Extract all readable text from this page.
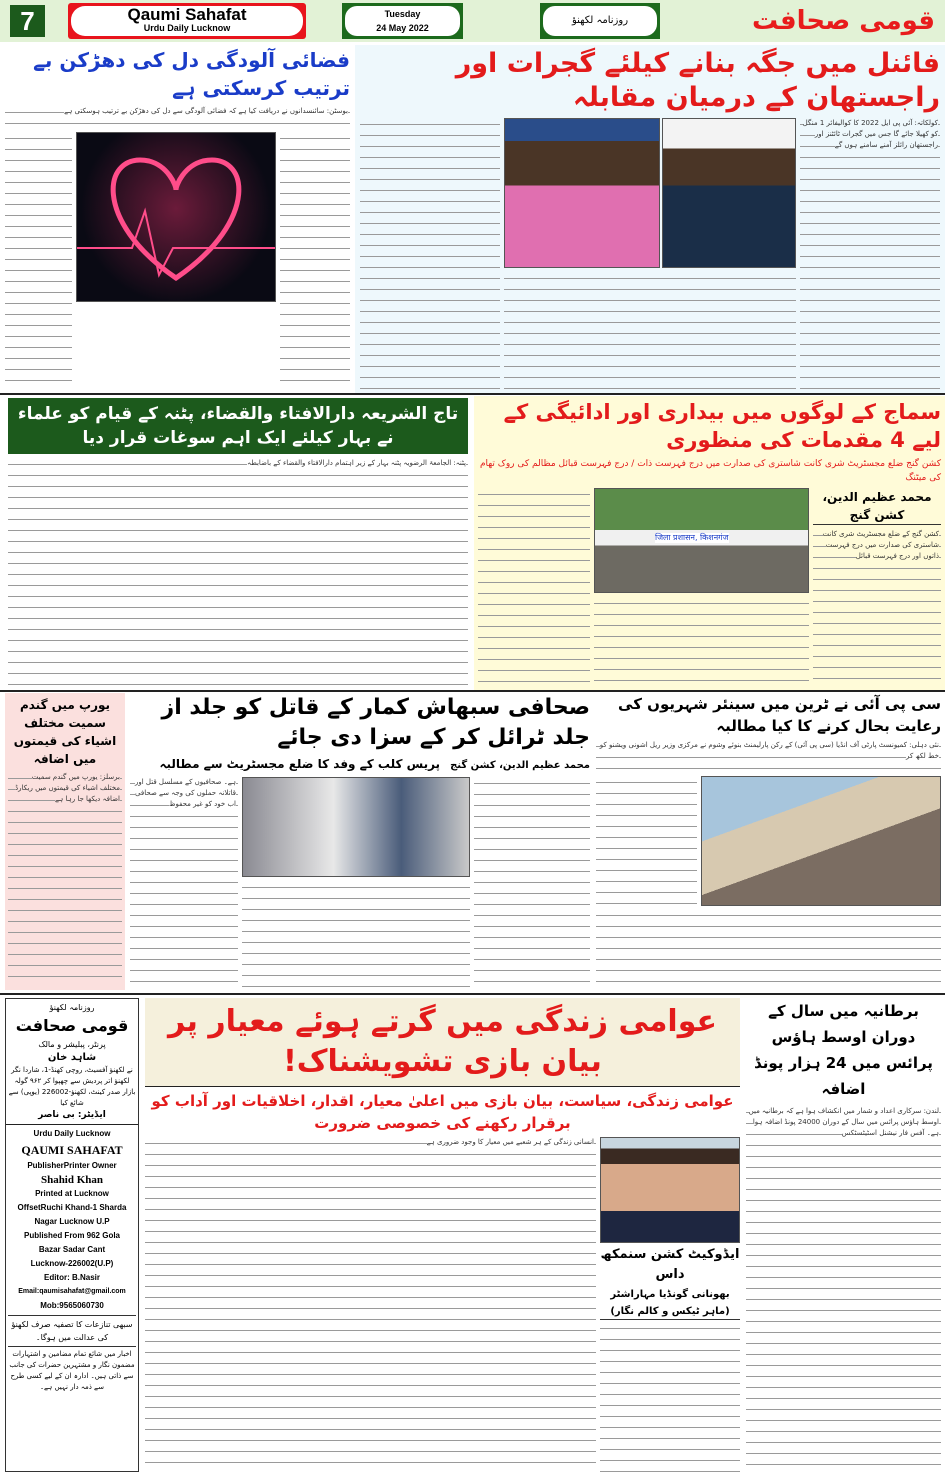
7	Qaumi Sahafat
Urdu Daily Lucknow
Tuesday
24 May 2022
روزنامہ لکھنؤ	قومی صحافت
فضائی آلودگی دل کی دھڑکن بے ترتیب کرسکتی ہے
بوسٹن: سائنسدانوں نے دریافت کیا ہے کہ فضائی آلودگی سے دل کی دھڑکن بے ترتیب ہوسکتی ہے
فائنل میں جگہ بنانے کیلئے گجرات اور راجستھان کے درمیان مقابلہ
کولکاتہ: آئی پی ایل 2022 کا کوالیفائر 1 منگل کو کھیلا جائے گا جس میں گجرات ٹائٹنز اور راجستھان رائلز آمنے سامنے ہوں گے
تاج الشریعہ دارالافتاء والقضاء، پٹنہ کے قیام کو علماء نے بہار کیلئے ایک اہم سوغات قرار دیا
پٹنہ: الجامعۃ الرضویہ پٹنہ بہار کے زیر اہتمام دارالافتاء والقضاء کے باضابطہ
سماج کے لوگوں میں بیداری اور ادائیگی کے لیے 4 مقدمات کی منظوری
کشن گنج ضلع مجسٹریٹ شری کانت شاستری کی صدارت میں درج فہرست ذات / درج فہرست قبائل مظالم کی روک تھام کی میٹنگ
محمد عظیم الدین، کشن گنج
کشن گنج کے ضلع مجسٹریٹ شری کانت شاستری کی صدارت میں درج فہرست ذاتوں اور درج فہرست قبائل
जिला प्रशासन, किशनगंज
یورپ میں گندم سمیت مختلف اشیاء کی قیمتوں میں اضافہ
برسلز: یورپ میں گندم سمیت مختلف اشیاء کی قیمتوں میں ریکارڈ اضافہ دیکھا جا رہا ہے
صحافی سبھاش کمار کے قاتل کو جلد از جلد ٹرائل کر کے سزا دی جائے
محمد عظیم الدین، کشن گنج
پریس کلب کے وفد کا ضلع مجسٹریٹ سے مطالبہ
ہے۔ صحافیوں کے مسلسل قتل اور قاتلانہ حملوں کی وجہ سے صحافی اب خود کو غیر محفوظ
سی پی آئی نے ٹرین میں سینئر شہریوں کی رعایت بحال کرنے کا کیا مطالبہ
نئی دہلی: کمیونسٹ پارٹی آف انڈیا (سی پی آئی) کے رکن پارلیمنٹ بنوئے وشوم نے مرکزی وزیر ریل اشونی ویشنو کو خط لکھ کر
روزنامہ لکھنؤ
قومی صحافت
پرنٹر، پبلیشر و مالک
شاہد خان
نے لکھنؤ آفسیٹ، روچی کھنڈ-1، شاردا نگر لکھنؤ اتر پردیش سے چھپوا کر ۹۶۲ گولہ بازار صدر کینٹ، لکھنؤ-226002 (یوپی) سے شائع کیا
ایڈیٹر: بی ناصر
Urdu Daily Lucknow
QAUMI SAHAFAT
PublisherPrinter Owner
Shahid Khan
Printed at Lucknow
OffsetRuchi Khand-1 Sharda
Nagar Lucknow U.P
Published From 962 Gola
Bazar Sadar Cant
Lucknow-226002(U.P)
Editor: B.Nasir
Email:qaumisahafat@gmail.com
Mob:9565060730
سبھی تنازعات کا تصفیہ صرف لکھنؤ کی عدالت میں ہوگا۔
اخبار میں شائع تمام مضامین و اشتہارات مضمون نگار و مشتہرین حضرات کی جانب سے ذاتی ہیں۔ ادارہ ان کے لیے کسی طرح سے ذمہ دار نہیں ہے۔
عوامی زندگی میں گرتے ہوئے معیار پر بیان بازی تشویشناک!
عوامی زندگی، سیاست، بیان بازی میں اعلیٰ معیار، اقدار، اخلاقیات اور آداب کو برقرار رکھنے کی خصوصی ضرورت
ایڈوکیٹ کشن سنمکھ داس
بھونانی گونڈیا مہاراشٹر
(ماہر ٹیکس و کالم نگار)
انسانی زندگی کے ہر شعبے میں معیار کا وجود ضروری ہے
برطانیہ میں سال کے دوران اوسط ہاؤس پرائس میں 24 ہزار پونڈ اضافہ
لندن: سرکاری اعداد و شمار میں انکشاف ہوا ہے کہ برطانیہ میں اوسط ہاؤس پرائس میں سال کے دوران 24000 پونڈ اضافہ ہوا ہے۔ آفس فار نیشنل اسٹیٹسٹکس
